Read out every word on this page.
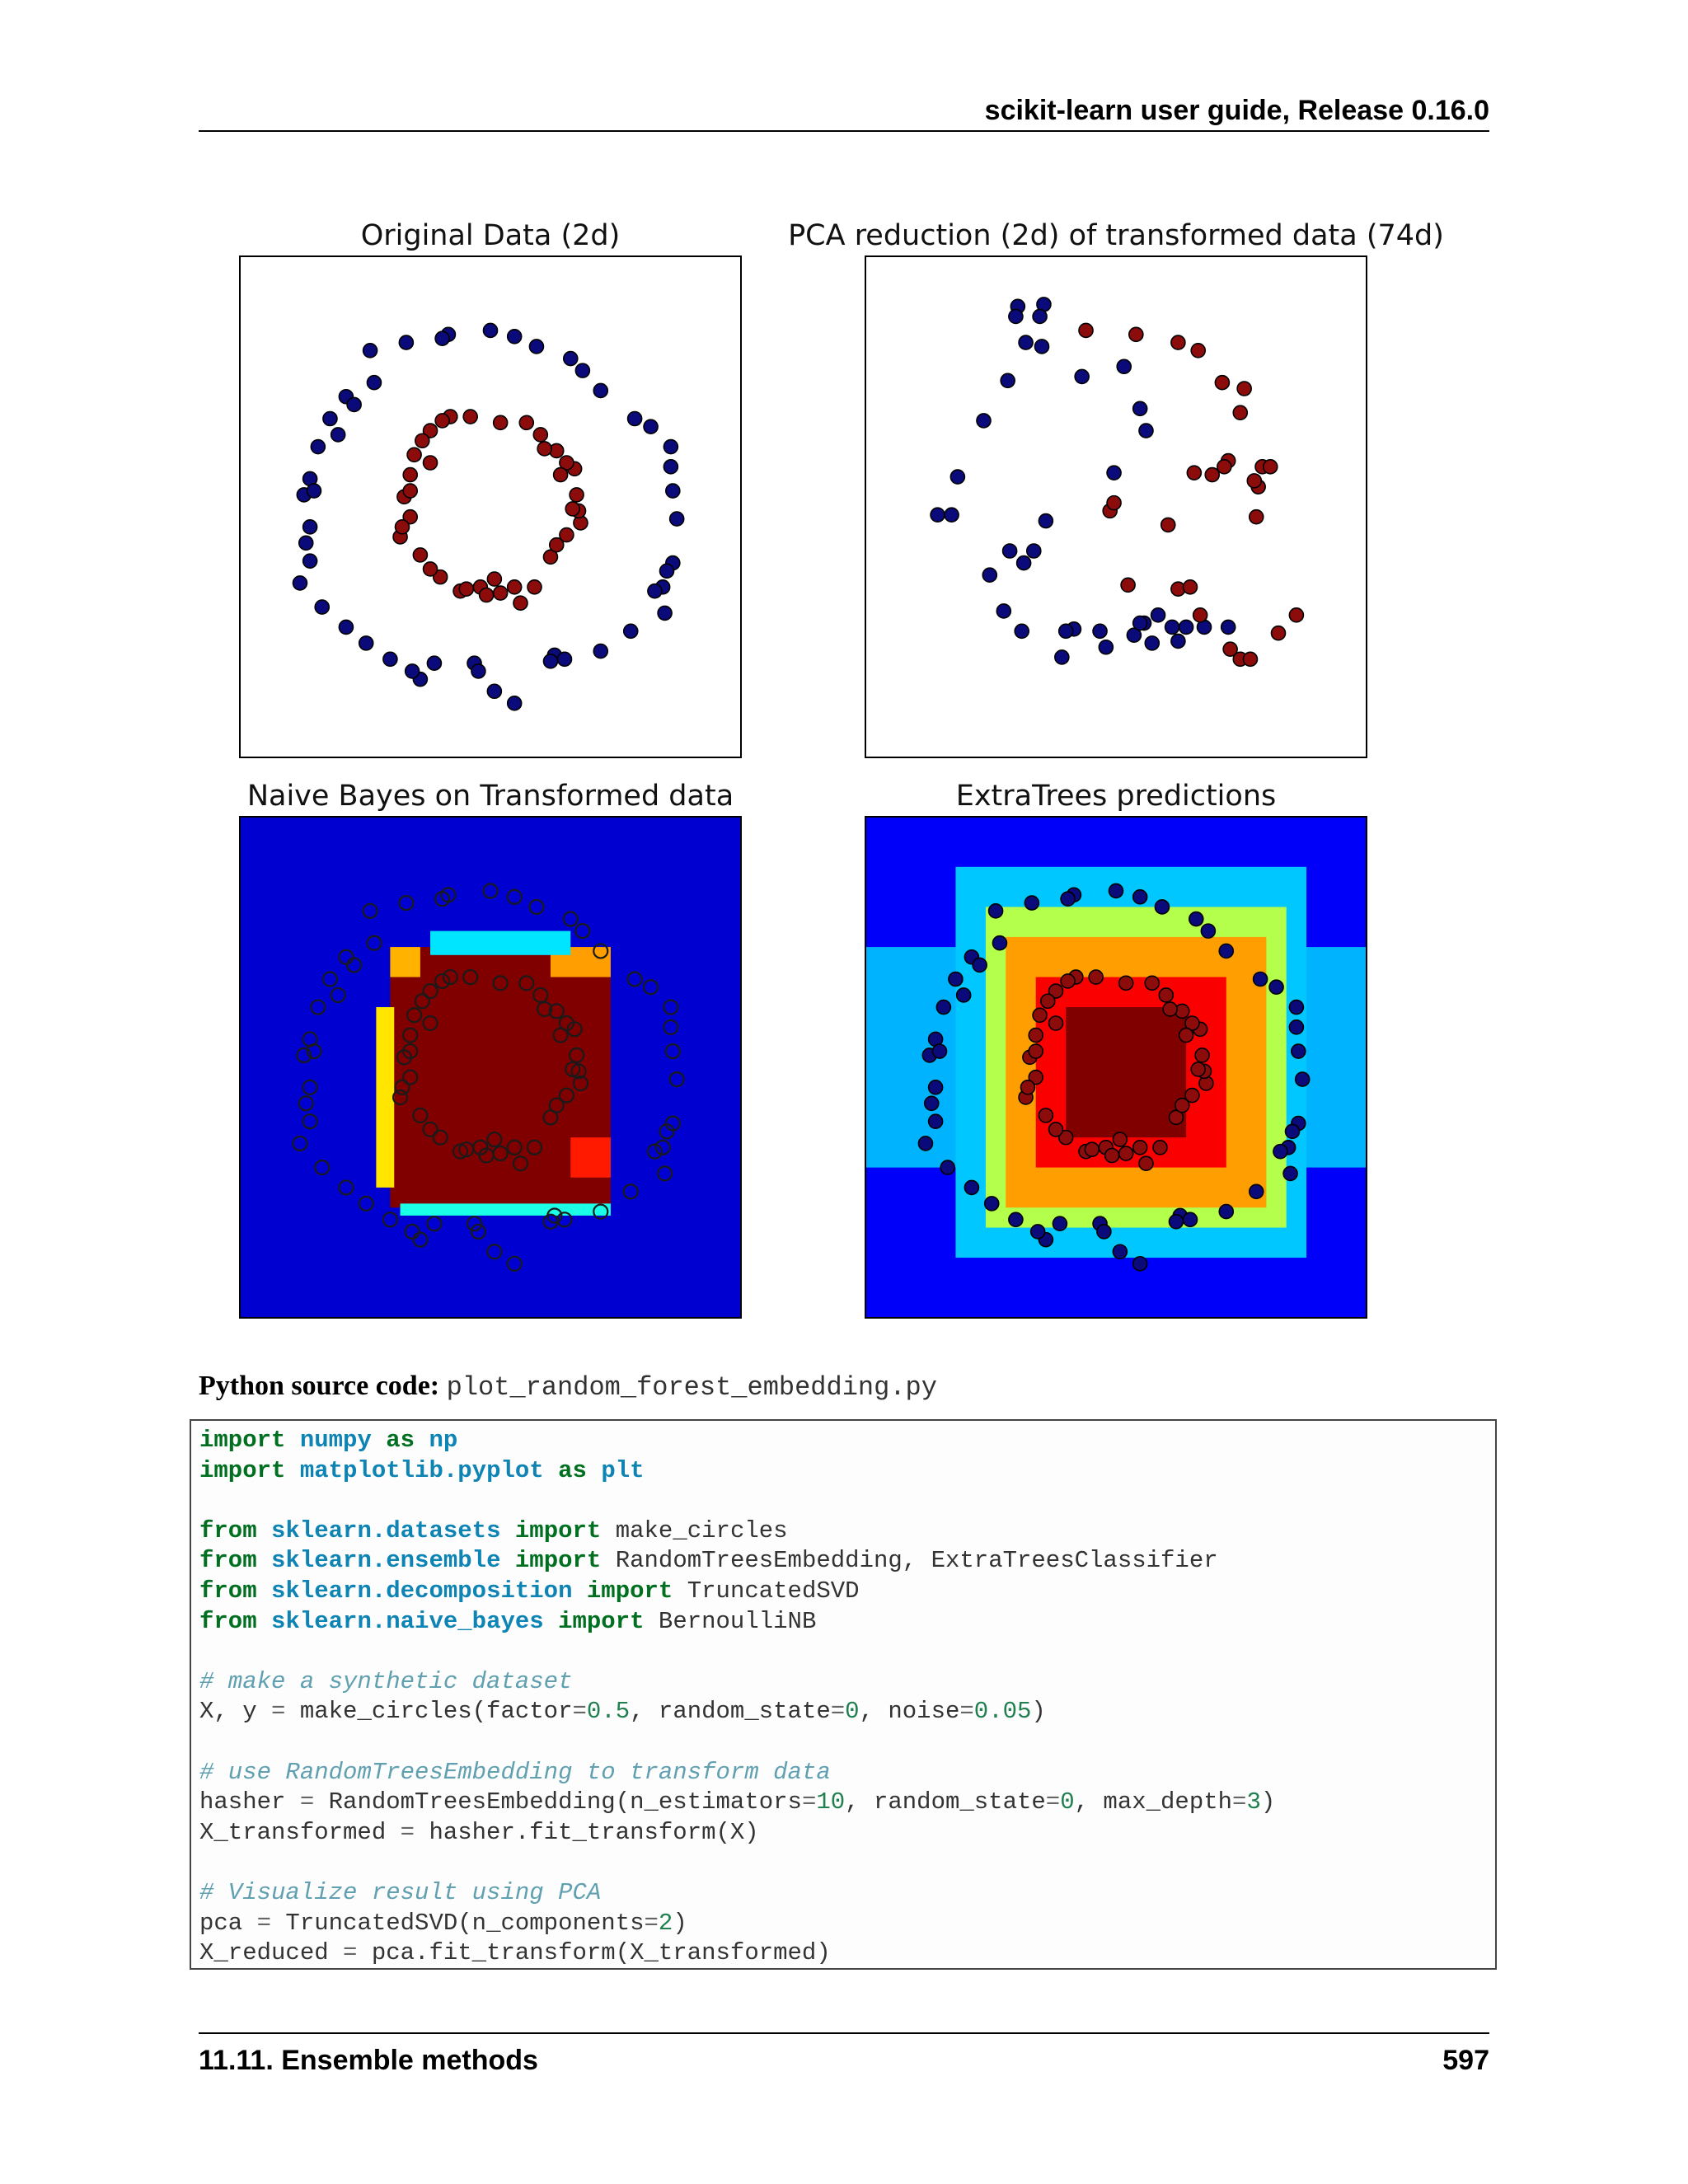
scikit-learn user guide, Release 0.16.0
Original Data (2d)	PCA reduction (2d) of transformed data (74d)
Naive Bayes on Transformed data	ExtraTrees predictions
Python source code: plot_random_forest_embedding.py
import numpy as np
import matplotlib.pyplot as plt

from sklearn.datasets import make_circles
from sklearn.ensemble import RandomTreesEmbedding, ExtraTreesClassifier
from sklearn.decomposition import TruncatedSVD
from sklearn.naive_bayes import BernoulliNB

# make a synthetic dataset
X, y = make_circles(factor=0.5, random_state=0, noise=0.05)

# use RandomTreesEmbedding to transform data
hasher = RandomTreesEmbedding(n_estimators=10, random_state=0, max_depth=3)
X_transformed = hasher.fit_transform(X)

# Visualize result using PCA
pca = TruncatedSVD(n_components=2)
X_reduced = pca.fit_transform(X_transformed)
11.11. Ensemble methods	597
